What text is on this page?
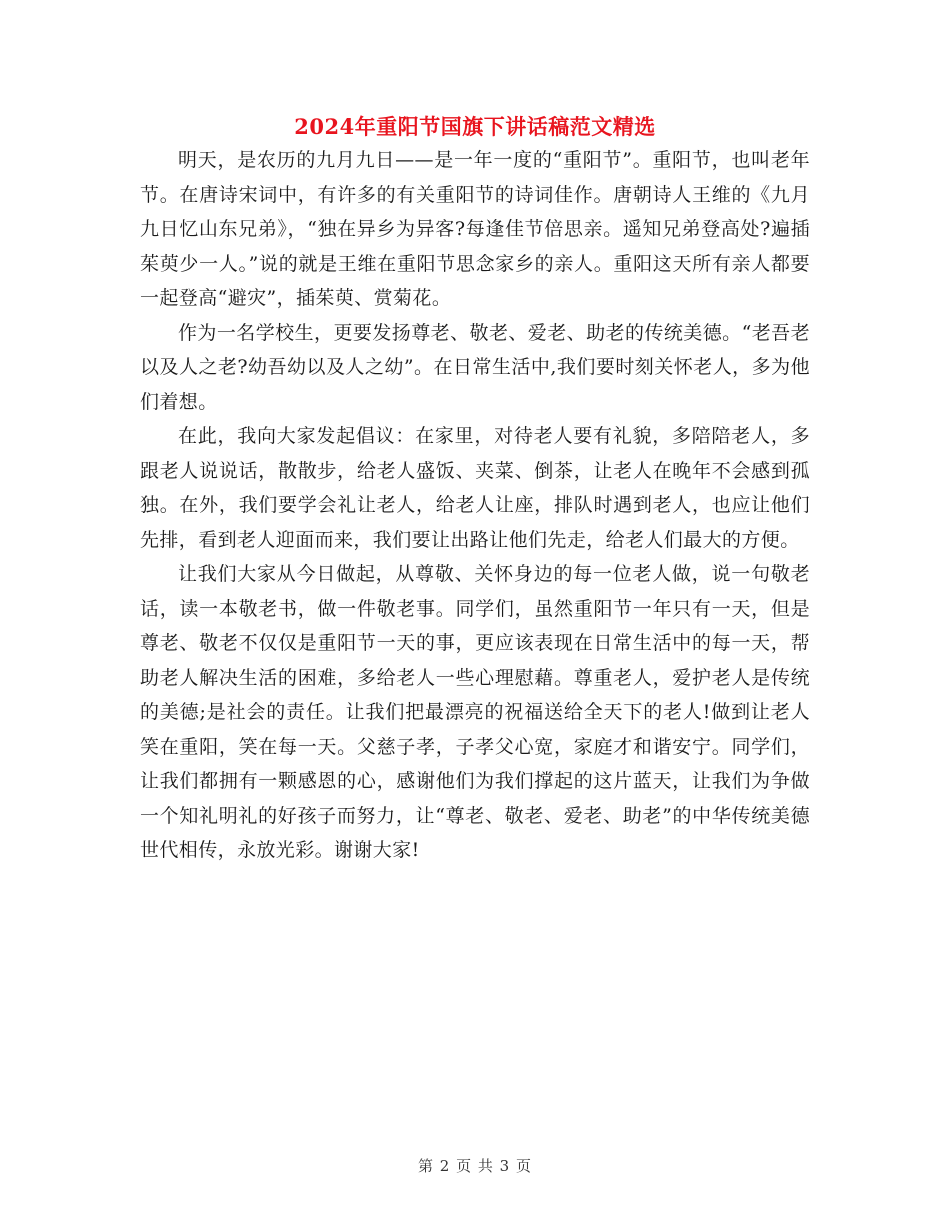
2024年重阳节国旗下讲话稿范文精选

明天，是农历的九月九日——是一年一度的“重阳节”。重阳节，也叫老年节。在唐诗宋词中，有许多的有关重阳节的诗词佳作。唐朝诗人王维的《九月九日忆山东兄弟》，“独在异乡为异客?每逢佳节倍思亲。遥知兄弟登高处?遍插茱萸少一人。”说的就是王维在重阳节思念家乡的亲人。重阳这天所有亲人都要一起登高“避灾”，插茱萸、赏菊花。

作为一名学校生，更要发扬尊老、敬老、爱老、助老的传统美德。“老吾老以及人之老?幼吾幼以及人之幼”。在日常生活中,我们要时刻关怀老人，多为他们着想。

在此，我向大家发起倡议：在家里，对待老人要有礼貌，多陪陪老人，多跟老人说说话，散散步，给老人盛饭、夹菜、倒茶，让老人在晚年不会感到孤独。在外，我们要学会礼让老人，给老人让座，排队时遇到老人，也应让他们先排，看到老人迎面而来，我们要让出路让他们先走，给老人们最大的方便。

让我们大家从今日做起，从尊敬、关怀身边的每一位老人做，说一句敬老话，读一本敬老书，做一件敬老事。同学们，虽然重阳节一年只有一天，但是尊老、敬老不仅仅是重阳节一天的事，更应该表现在日常生活中的每一天，帮助老人解决生活的困难，多给老人一些心理慰藉。尊重老人，爱护老人是传统的美德;是社会的责任。让我们把最漂亮的祝福送给全天下的老人!做到让老人笑在重阳，笑在每一天。父慈子孝，子孝父心宽，家庭才和谐安宁。同学们，让我们都拥有一颗感恩的心，感谢他们为我们撑起的这片蓝天，让我们为争做一个知礼明礼的好孩子而努力，让“尊老、敬老、爱老、助老”的中华传统美德世代相传，永放光彩。谢谢大家!

第 2 页 共 3 页
